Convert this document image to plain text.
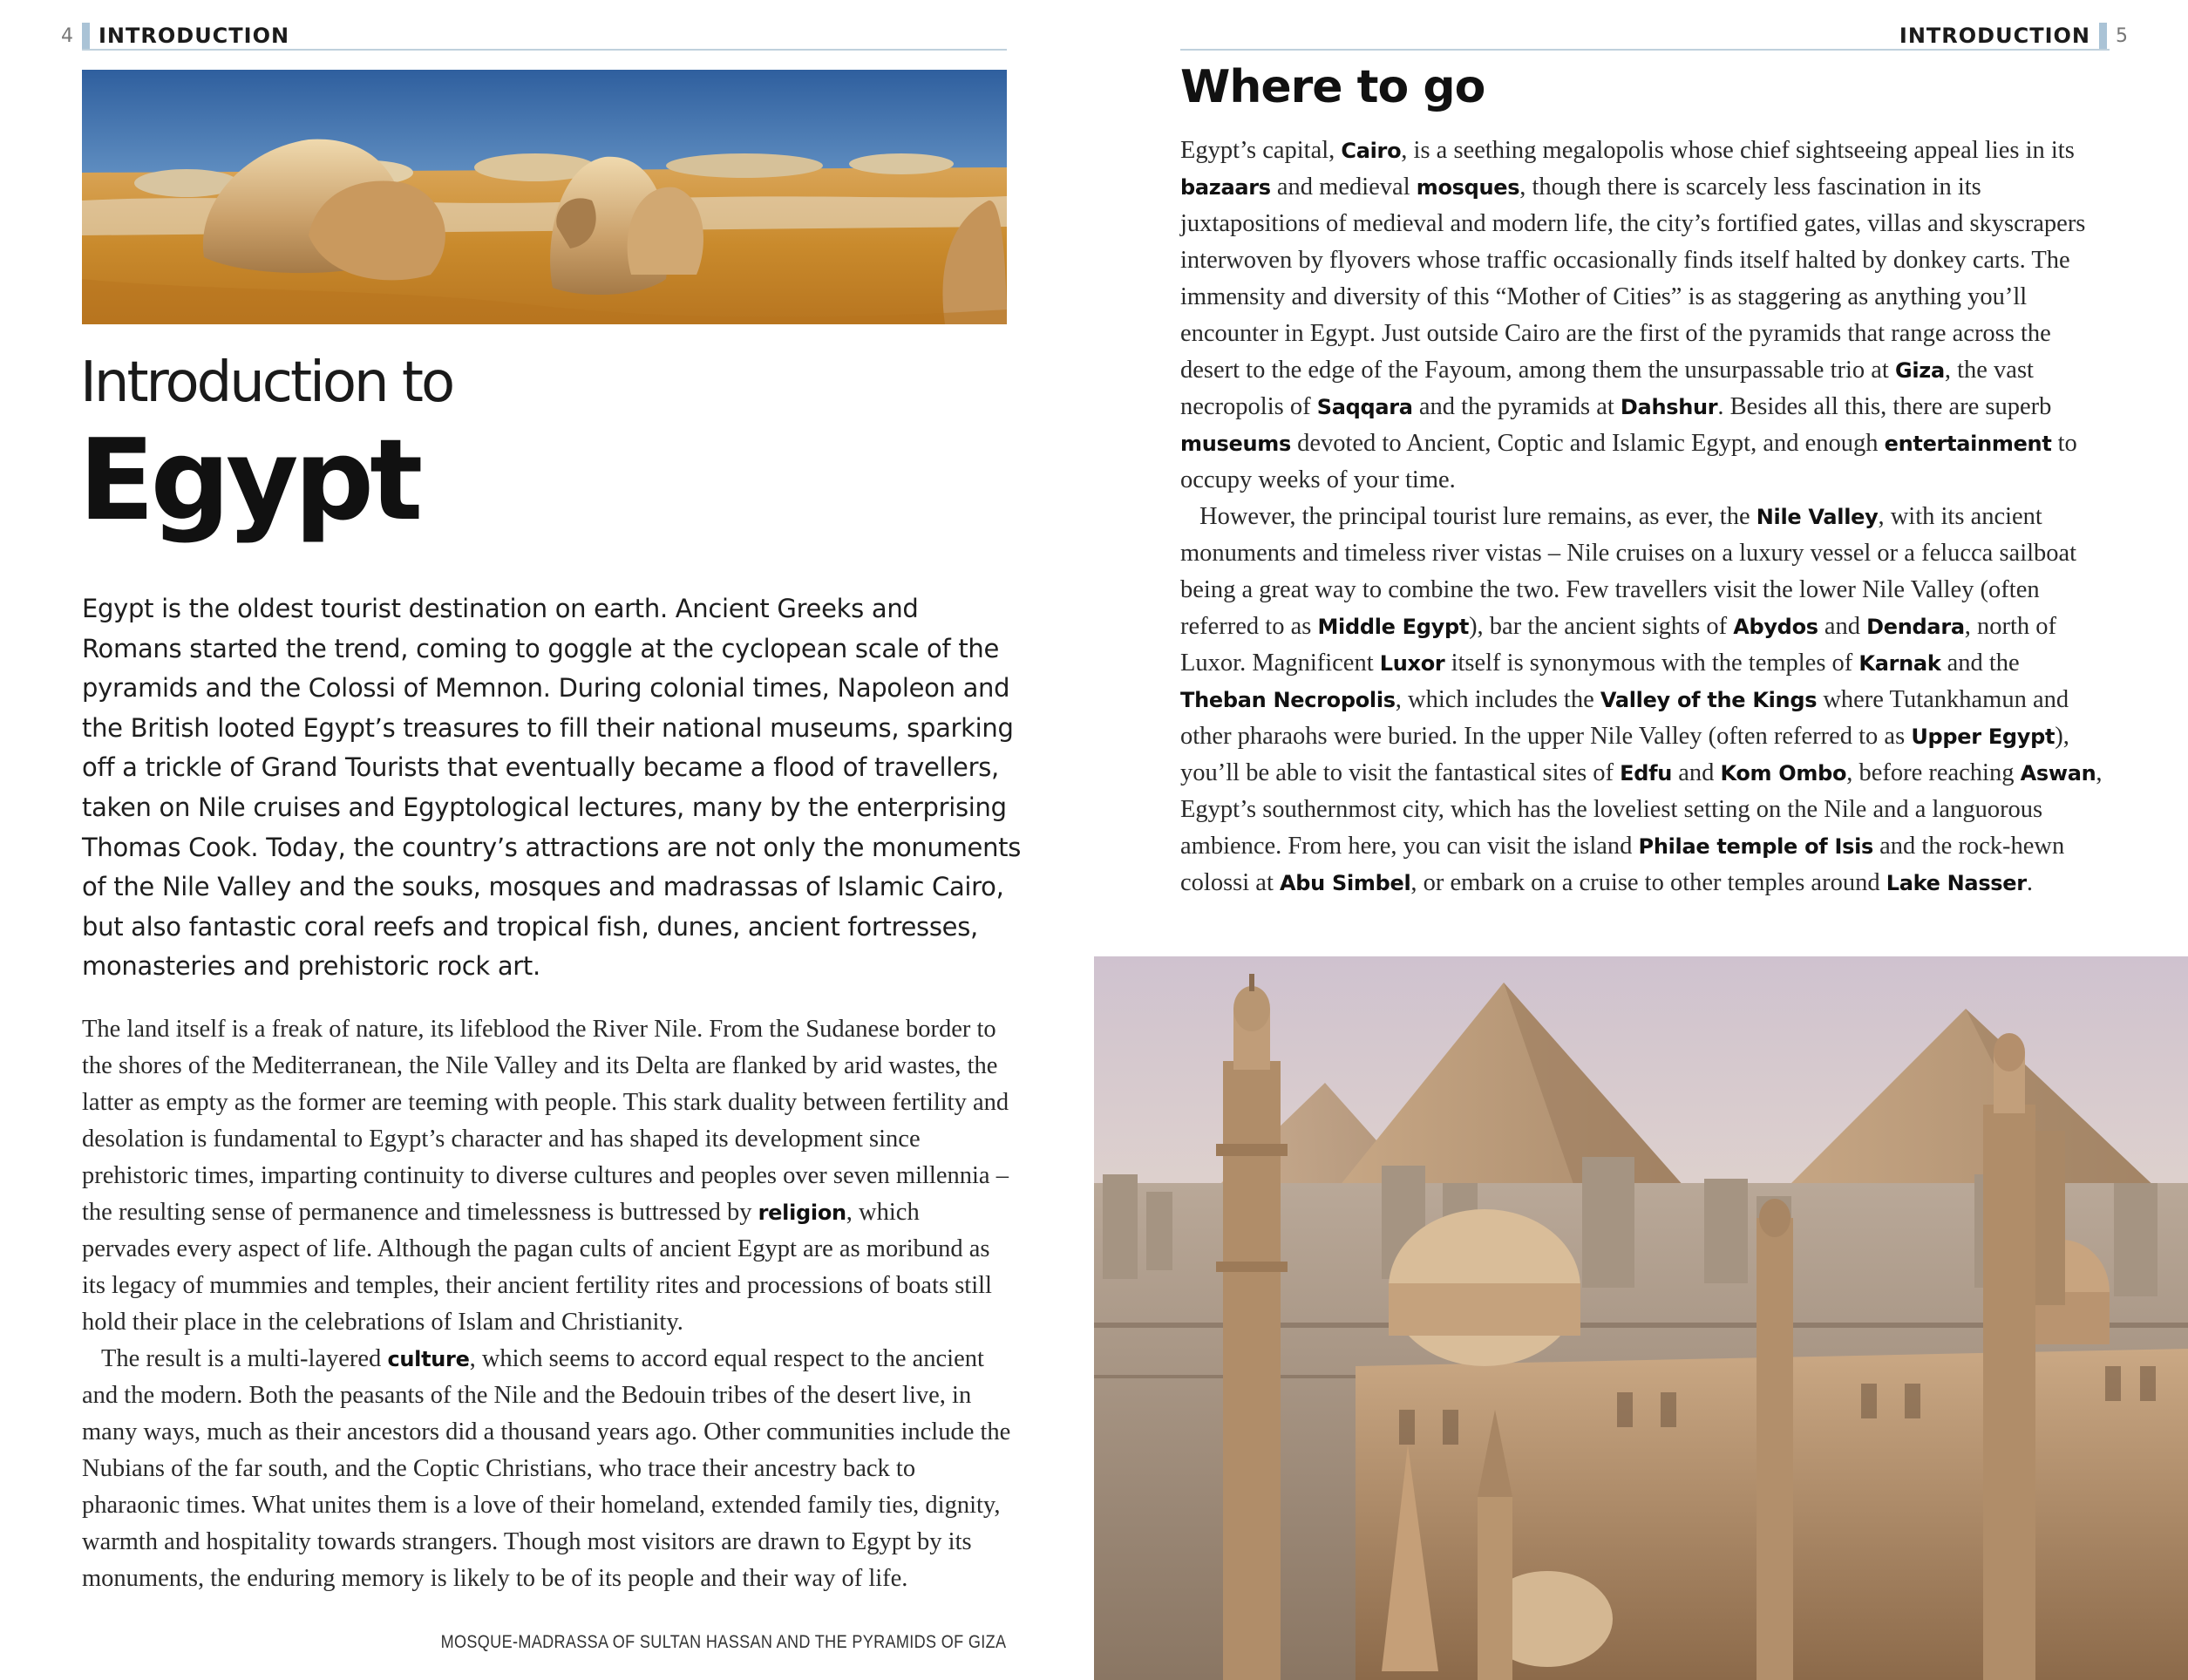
4 INTRODUCTION
Introduction to
Egypt

Egypt is the oldest tourist destination on earth. Ancient Greeks and Romans started the trend, coming to goggle at the cyclopean scale of the pyramids and the Colossi of Memnon. During colonial times, Napoleon and the British looted Egypt’s treasures to fill their national museums, sparking off a trickle of Grand Tourists that eventually became a flood of travellers, taken on Nile cruises and Egyptological lectures, many by the enterprising Thomas Cook. Today, the country’s attractions are not only the monuments of the Nile Valley and the souks, mosques and madrassas of Islamic Cairo, but also fantastic coral reefs and tropical fish, dunes, ancient fortresses, monasteries and prehistoric rock art.

The land itself is a freak of nature, its lifeblood the River Nile. From the Sudanese border to the shores of the Mediterranean, the Nile Valley and its Delta are flanked by arid wastes, the latter as empty as the former are teeming with people. This stark duality between fertility and desolation is fundamental to Egypt’s character and has shaped its development since prehistoric times, imparting continuity to diverse cultures and peoples over seven millennia – the resulting sense of permanence and timelessness is buttressed by religion, which pervades every aspect of life. Although the pagan cults of ancient Egypt are as moribund as its legacy of mummies and temples, their ancient fertility rites and processions of boats still hold their place in the celebrations of Islam and Christianity.

The result is a multi-layered culture, which seems to accord equal respect to the ancient and the modern. Both the peasants of the Nile and the Bedouin tribes of the desert live, in many ways, much as their ancestors did a thousand years ago. Other communities include the Nubians of the far south, and the Coptic Christians, who trace their ancestry back to pharaonic times. What unites them is a love of their homeland, extended family ties, dignity, warmth and hospitality towards strangers. Though most visitors are drawn to Egypt by its monuments, the enduring memory is likely to be of its people and their way of life.

MOSQUE-MADRASSA OF SULTAN HASSAN AND THE PYRAMIDS OF GIZA
INTRODUCTION 5
Where to go

Egypt’s capital, Cairo, is a seething megalopolis whose chief sightseeing appeal lies in its bazaars and medieval mosques, though there is scarcely less fascination in its juxtapositions of medieval and modern life, the city’s fortified gates, villas and skyscrapers interwoven by flyovers whose traffic occasionally finds itself halted by donkey carts. The immensity and diversity of this “Mother of Cities” is as staggering as anything you’ll encounter in Egypt. Just outside Cairo are the first of the pyramids that range across the desert to the edge of the Fayoum, among them the unsurpassable trio at Giza, the vast necropolis of Saqqara and the pyramids at Dahshur. Besides all this, there are superb museums devoted to Ancient, Coptic and Islamic Egypt, and enough entertainment to occupy weeks of your time.

However, the principal tourist lure remains, as ever, the Nile Valley, with its ancient monuments and timeless river vistas – Nile cruises on a luxury vessel or a felucca sailboat being a great way to combine the two. Few travellers visit the lower Nile Valley (often referred to as Middle Egypt), bar the ancient sights of Abydos and Dendara, north of Luxor. Magnificent Luxor itself is synonymous with the temples of Karnak and the Theban Necropolis, which includes the Valley of the Kings where Tutankhamun and other pharaohs were buried. In the upper Nile Valley (often referred to as Upper Egypt), you’ll be able to visit the fantastical sites of Edfu and Kom Ombo, before reaching Aswan, Egypt’s southernmost city, which has the loveliest setting on the Nile and a languorous ambience. From here, you can visit the island Philae temple of Isis and the rock-hewn colossi at Abu Simbel, or embark on a cruise to other temples around Lake Nasser.
